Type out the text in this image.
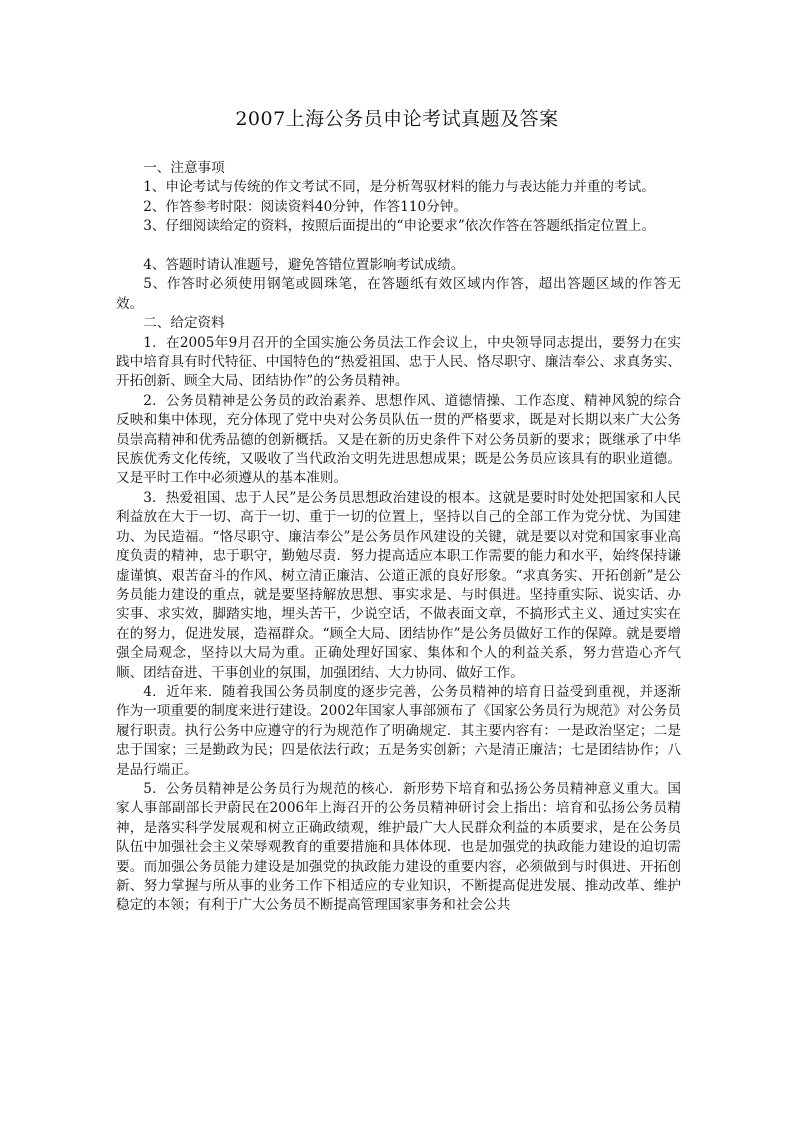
2007上海公务员申论考试真题及答案

一、注意事项

1、申论考试与传统的作文考试不同，是分析驾驭材料的能力与表达能力并重的考试。

2、作答参考时限：阅读资料40分钟，作答110分钟。

3、仔细阅读给定的资料，按照后面提出的“申论要求”依次作答在答题纸指定位置上。

4、答题时请认准题号，避免答错位置影响考试成绩。

5、作答时必须使用钢笔或圆珠笔，在答题纸有效区域内作答，超出答题区域的作答无效。

二、给定资料

1．在2005年9月召开的全国实施公务员法工作会议上，中央领导同志提出，要努力在实践中培育具有时代特征、中国特色的“热爱祖国、忠于人民、恪尽职守、廉洁奉公、求真务实、开拓创新、顾全大局、团结协作”的公务员精神。

2．公务员精神是公务员的政治素养、思想作风、道德情操、工作态度、精神风貌的综合反映和集中体现，充分体现了党中央对公务员队伍一贯的严格要求，既是对长期以来广大公务员崇高精神和优秀品德的创新概括。又是在新的历史条件下对公务员新的要求；既继承了中华民族优秀文化传统，又吸收了当代政治文明先进思想成果；既是公务员应该具有的职业道德。又是平时工作中必须遵从的基本准则。

3．热爱祖国、忠于人民”是公务员思想政治建设的根本。这就是要时时处处把国家和人民利益放在大于一切、高于一切、重于一切的位置上，坚持以自己的全部工作为党分忧、为国建功、为民造福。“恪尽职守、廉洁奉公”是公务员作风建设的关键，就是要以对党和国家事业高度负责的精神，忠于职守，勤勉尽责．努力提高适应本职工作需要的能力和水平，始终保持谦虚谨慎、艰苦奋斗的作风、树立清正廉洁、公道正派的良好形象。“求真务实、开拓创新”是公务员能力建设的重点，就是要坚持解放思想、事实求是、与时俱进。坚持重实际、说实话、办实事、求实效，脚踏实地，埋头苦干，少说空话，不做表面文章，不搞形式主义、通过实实在在的努力，促进发展，造福群众。“顾全大局、团结协作”是公务员做好工作的保障。就是要增强全局观念，坚持以大局为重。正确处理好国家、集体和个人的利益关系，努力营造心齐气顺、团结奋进、干事创业的氛围，加强团结、大力协同、做好工作。

4．近年来．随着我国公务员制度的逐步完善，公务员精神的培育日益受到重视，并逐渐作为一项重要的制度来进行建设。2002年国家人事部颁布了《国家公务员行为规范》对公务员履行职责。执行公务中应遵守的行为规范作了明确规定．其主要内容有：一是政治坚定；二是忠于国家；三是勤政为民；四是依法行政；五是务实创新；六是清正廉洁；七是团结协作；八是品行端正。

5．公务员精神是公务员行为规范的核心．新形势下培育和弘扬公务员精神意义重大。国家人事部副部长尹蔚民在2006年上海召开的公务员精神研讨会上指出：培育和弘扬公务员精神，是落实科学发展观和树立正确政绩观，维护最广大人民群众利益的本质要求，是在公务员队伍中加强社会主义荣辱观教育的重要措施和具体体现．也是加强党的执政能力建设的迫切需要。而加强公务员能力建设是加强党的执政能力建设的重要内容，必须做到与时俱进、开拓创新、努力掌握与所从事的业务工作下相适应的专业知识，不断提高促进发展、推动改革、维护稳定的本领；有利于广大公务员不断提高管理国家事务和社会公共
